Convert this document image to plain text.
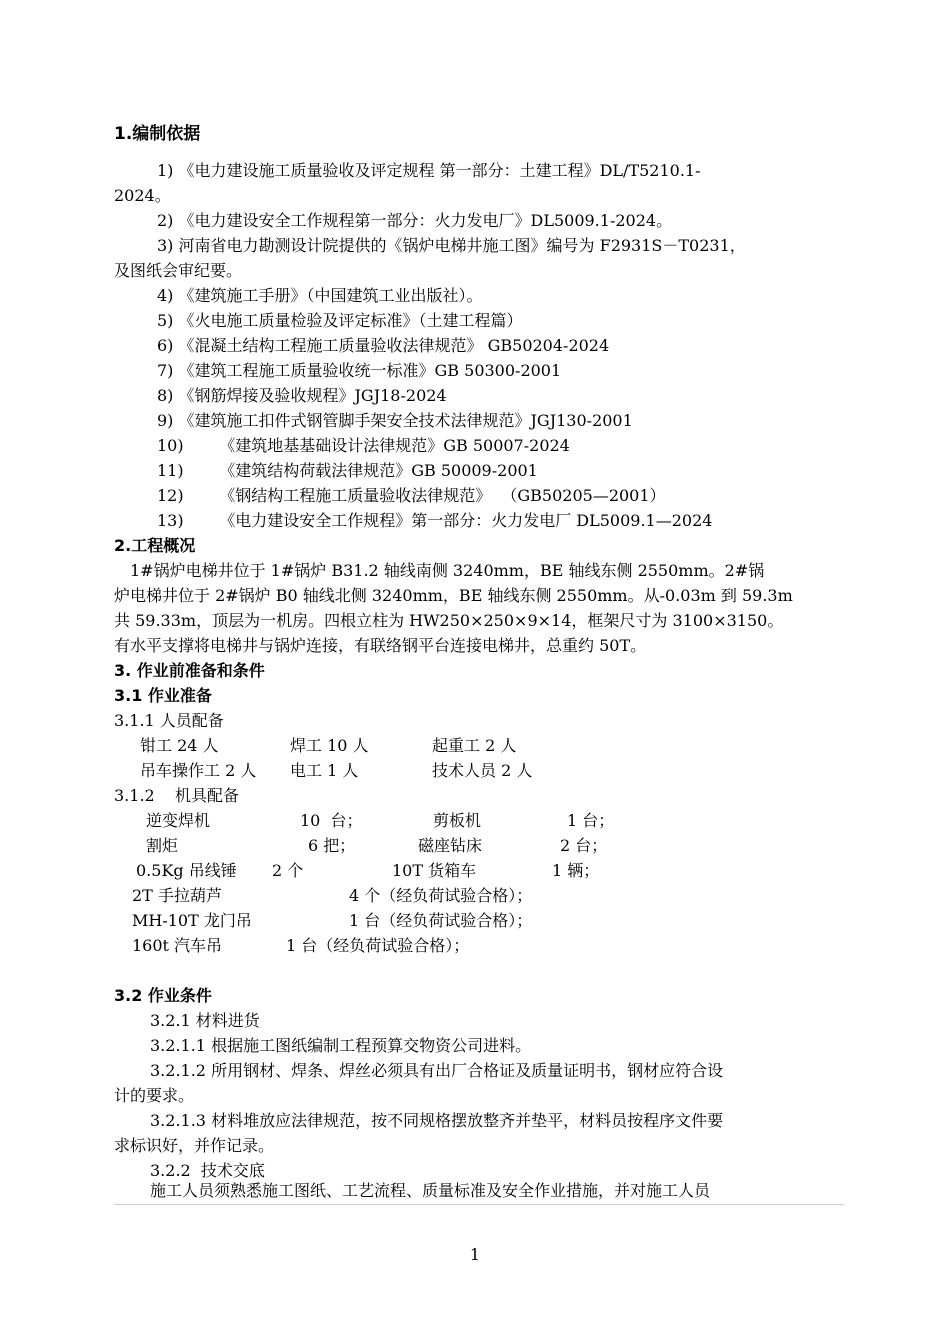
1.编制依据
1) 《电力建设施工质量验收及评定规程 第一部分：土建工程》DL/T5210.1-
2024。
2) 《电力建设安全工作规程第一部分：火力发电厂》DL5009.1-2024。
3) 河南省电力勘测设计院提供的《锅炉电梯井施工图》编号为 F2931S－T0231，
及图纸会审纪要。
4) 《建筑施工手册》（中国建筑工业出版社）。
5) 《火电施工质量检验及评定标准》（土建工程篇）
6) 《混凝土结构工程施工质量验收法律规范》 GB50204-2024
7) 《建筑工程施工质量验收统一标准》GB 50300-2001
8) 《钢筋焊接及验收规程》JGJ18-2024
9) 《建筑施工扣件式钢管脚手架安全技术法律规范》JGJ130-2001
10)       《建筑地基基础设计法律规范》GB 50007-2024
11)       《建筑结构荷载法律规范》GB 50009-2001
12)       《钢结构工程施工质量验收法律规范》  （GB50205—2001）
13)       《电力建设安全工作规程》第一部分：火力发电厂 DL5009.1—2024
2.工程概况
1#锅炉电梯井位于 1#锅炉 B31.2 轴线南侧 3240mm，BE 轴线东侧 2550mm。2#锅
炉电梯井位于 2#锅炉 B0 轴线北侧 3240mm，BE 轴线东侧 2550mm。从-0.03m 到 59.3m
共 59.33m，顶层为一机房。四根立柱为 HW250×250×9×14，框架尺寸为 3100×3150。
有水平支撑将电梯井与锅炉连接，有联络钢平台连接电梯井，总重约 50T。
3. 作业前准备和条件
3.1 作业准备
3.1.1 人员配备
钳工 24 人	焊工 10 人	起重工 2 人
吊车操作工 2 人 电工 1 人	技术人员 2 人
3.1.2    机具配备
逆变焊机	10  台；	剪板机	1 台；
割炬	6 把；	磁座钻床	2 台；
0.5Kg 吊线锤 2 个	10T 货箱车	1 辆；
2T 手拉葫芦	4 个（经负荷试验合格）；
MH-10T 龙门吊	1 台（经负荷试验合格）；
160t 汽车吊	1 台（经负荷试验合格）；
3.2 作业条件
3.2.1 材料进货
3.2.1.1 根据施工图纸编制工程预算交物资公司进料。
3.2.1.2 所用钢材、焊条、焊丝必须具有出厂合格证及质量证明书，钢材应符合设
计的要求。
3.2.1.3 材料堆放应法律规范，按不同规格摆放整齐并垫平，材料员按程序文件要
求标识好，并作记录。
3.2.2  技术交底
施工人员须熟悉施工图纸、工艺流程、质量标准及安全作业措施，并对施工人员
1
